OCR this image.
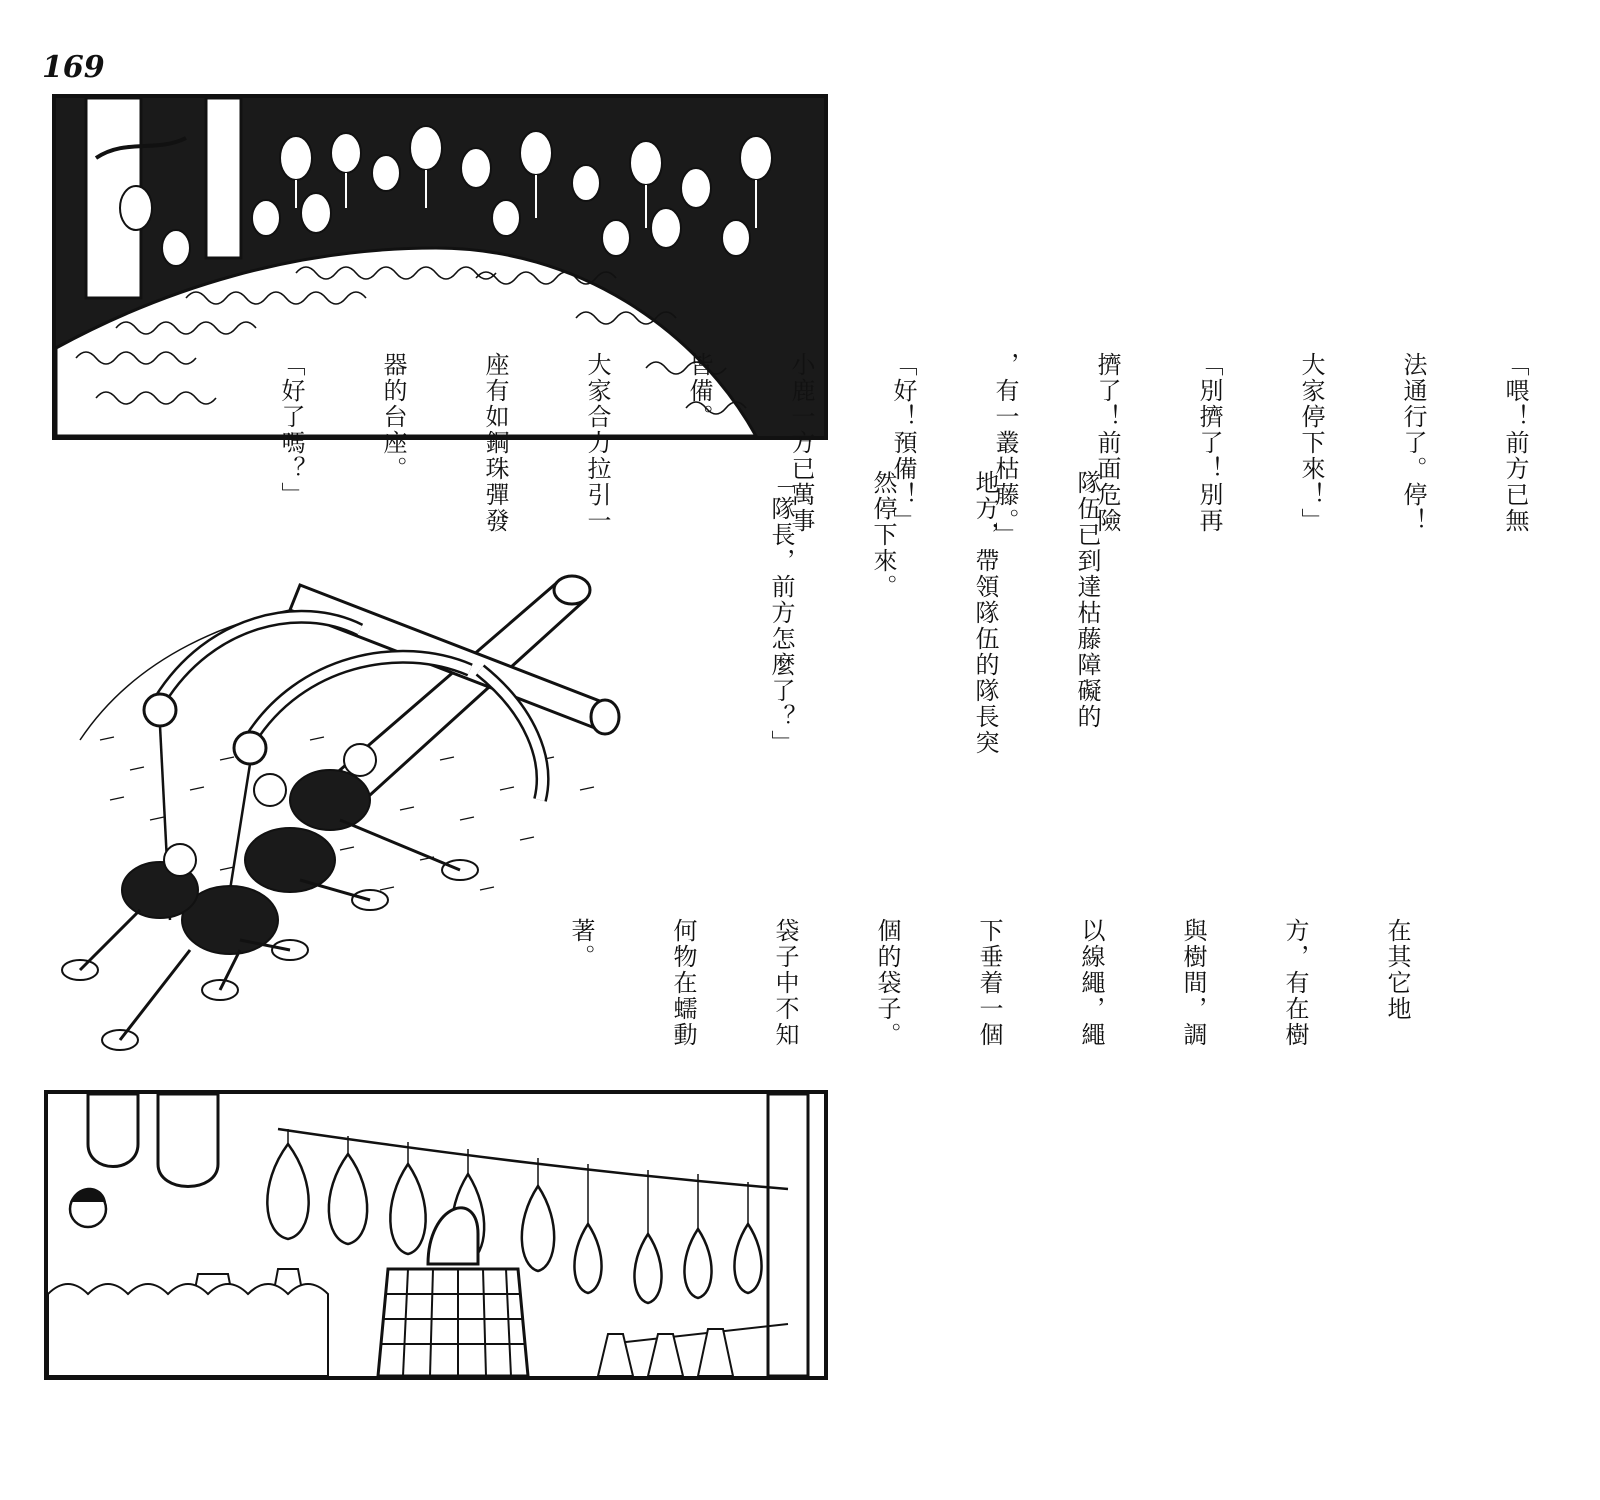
169

「喂！前方已無

法通行了。停！

大家停下來！」

「別擠了！別再

擠了！前面危險

，有一叢枯藤。」

「好！預備！」

小鹿一方已萬事

皆備。

大家合力拉引一

座有如鋼珠彈發

器的台座。

「好了嗎？」

隊伍已到達枯藤障礙的

地方，帶領隊伍的隊長突

然停下來。

「隊長，前方怎麼了？」

在其它地

方，有在樹

與樹間，調

以線繩，繩

下垂着一個

個的袋子。

袋子中不知

何物在蠕動

著。
